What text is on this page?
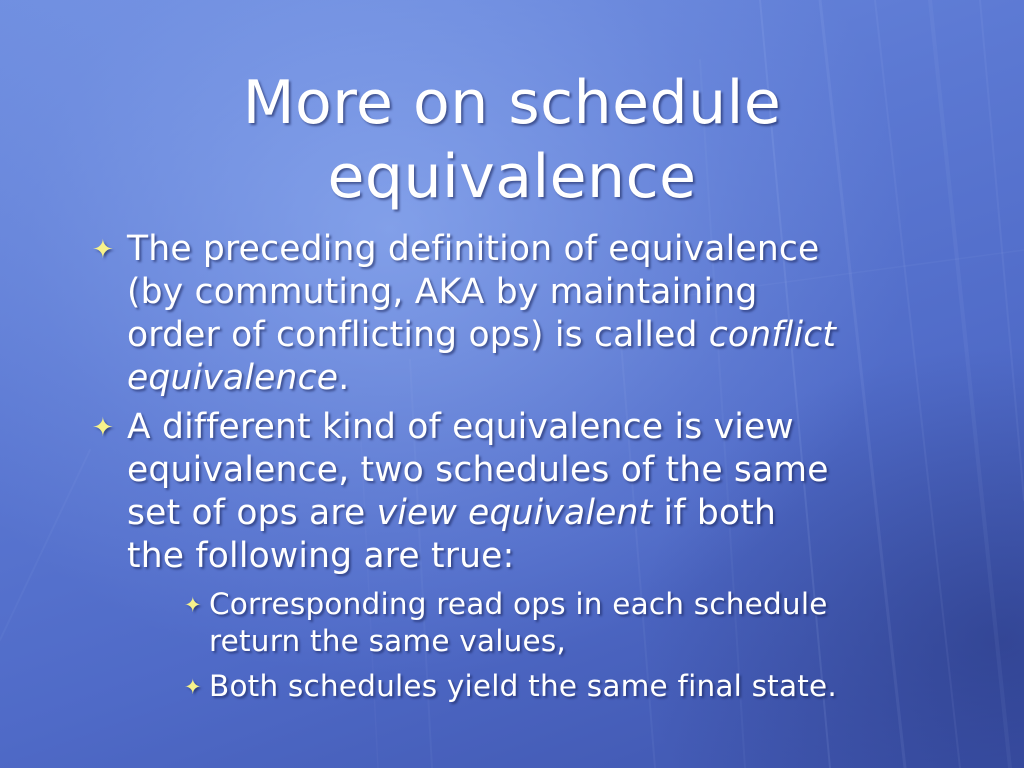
More on schedule
equivalence
✦ The preceding definition of equivalence
(by commuting, AKA by maintaining
order of conflicting ops) is called conflict
equivalence.
✦ A different kind of equivalence is view
equivalence, two schedules of the same
set of ops are view equivalent if both
the following are true:
✦ Corresponding read ops in each schedule
return the same values,
✦ Both schedules yield the same final state.
